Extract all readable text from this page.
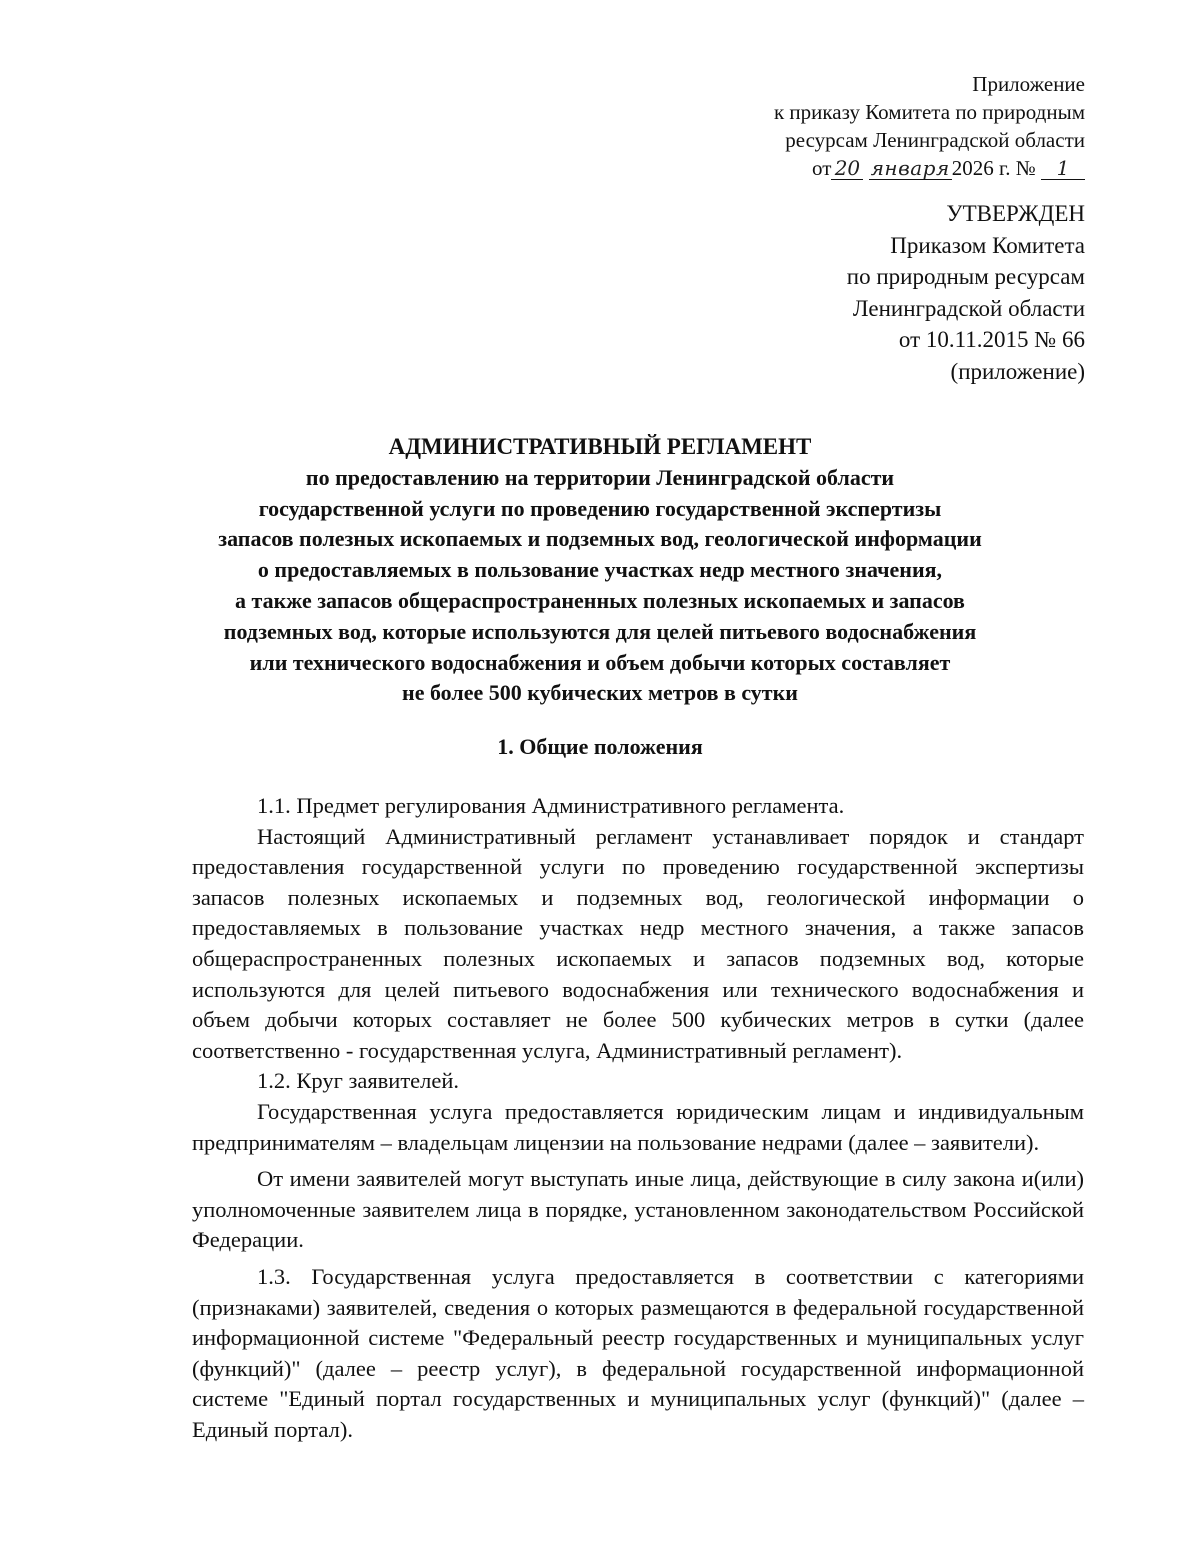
Приложение
к приказу Комитета по природным
ресурсам Ленинградской области
от 20 января2026 г. № 1
УТВЕРЖДЕН
Приказом Комитета
по природным ресурсам
Ленинградской области
от 10.11.2015 № 66
(приложение)
АДМИНИСТРАТИВНЫЙ РЕГЛАМЕНТ
по предоставлению на территории Ленинградской области
государственной услуги по проведению государственной экспертизы
запасов полезных ископаемых и подземных вод, геологической информации
о предоставляемых в пользование участках недр местного значения,
а также запасов общераспространенных полезных ископаемых и запасов
подземных вод, которые используются для целей питьевого водоснабжения
или технического водоснабжения и объем добычи которых составляет
не более 500 кубических метров в сутки
1. Общие положения

1.1. Предмет регулирования Административного регламента.

Настоящий Административный регламент устанавливает порядок и стандарт предоставления государственной услуги по проведению государственной экспертизы запасов полезных ископаемых и подземных вод, геологической информации о предоставляемых в пользование участках недр местного значения, а также запасов общераспространенных полезных ископаемых и запасов подземных вод, которые используются для целей питьевого водоснабжения или технического водоснабжения и объем добычи которых составляет не более 500 кубических метров в сутки (далее соответственно - государственная услуга, Административный регламент).

1.2. Круг заявителей.

Государственная услуга предоставляется юридическим лицам и индивидуальным предпринимателям – владельцам лицензии на пользование недрами (далее – заявители).

От имени заявителей могут выступать иные лица, действующие в силу закона и(или) уполномоченные заявителем лица в порядке, установленном законодательством Российской Федерации.

1.3. Государственная услуга предоставляется в соответствии с категориями (признаками) заявителей, сведения о которых размещаются в федеральной государственной информационной системе "Федеральный реестр государственных и муниципальных услуг (функций)" (далее – реестр услуг), в федеральной государственной информационной системе "Единый портал государственных и муниципальных услуг (функций)" (далее – Единый портал).
